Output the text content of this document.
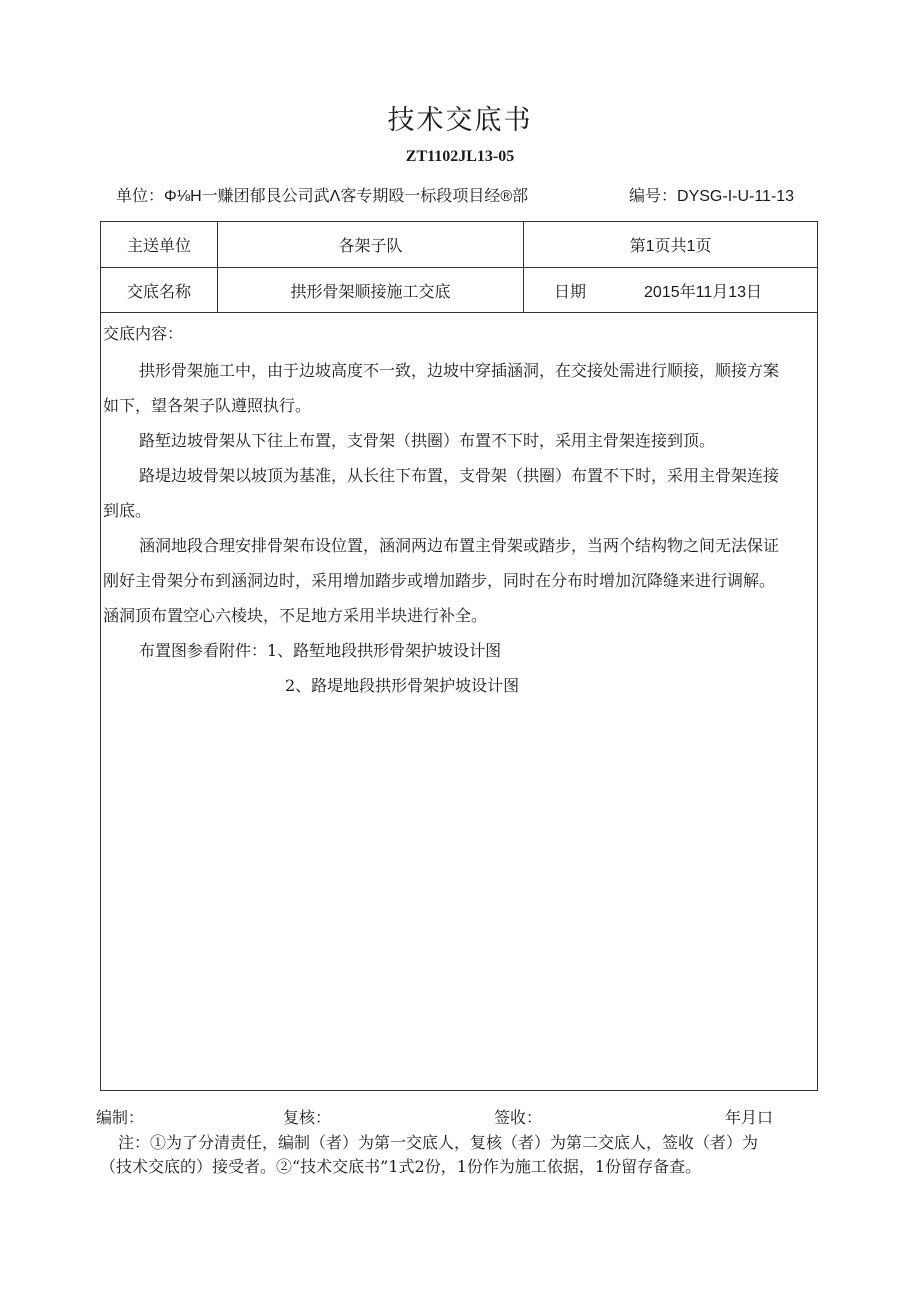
技术交底书
ZT1102JL13-05
单位：Φ⅛H一赚团郁艮公司武Λ客专期殴一标段项目经®部	编号：DYSG-I-U-11-13
主送单位	各架子队	第1页共1页
交底名称	拱形骨架顺接施工交底	日期	2015年11月13日
交底内容：
拱形骨架施工中，由于边坡高度不一致，边坡中穿插涵洞，在交接处需进行顺接，顺接方案
如下，望各架子队遵照执行。
路堑边坡骨架从下往上布置，支骨架（拱圈）布置不下时，采用主骨架连接到顶。
路堤边坡骨架以坡顶为基准，从长往下布置，支骨架（拱圈）布置不下时，采用主骨架连接
到底。
涵洞地段合理安排骨架布设位置，涵洞两边布置主骨架或踏步，当两个结构物之间无法保证
刚好主骨架分布到涵洞边时，采用增加踏步或增加踏步，同时在分布时增加沉降缝来进行调解。
涵洞顶布置空心六棱块，不足地方采用半块进行补全。
布置图参看附件：1、路堑地段拱形骨架护坡设计图
2、路堤地段拱形骨架护坡设计图
编制：	复核：	签收：	年月口
注：①为了分清责任，编制（者）为第一交底人，复核（者）为第二交底人，签收（者）为
（技术交底的）接受者。②“技术交底书”1式2份，1份作为施工依据，1份留存备查。
